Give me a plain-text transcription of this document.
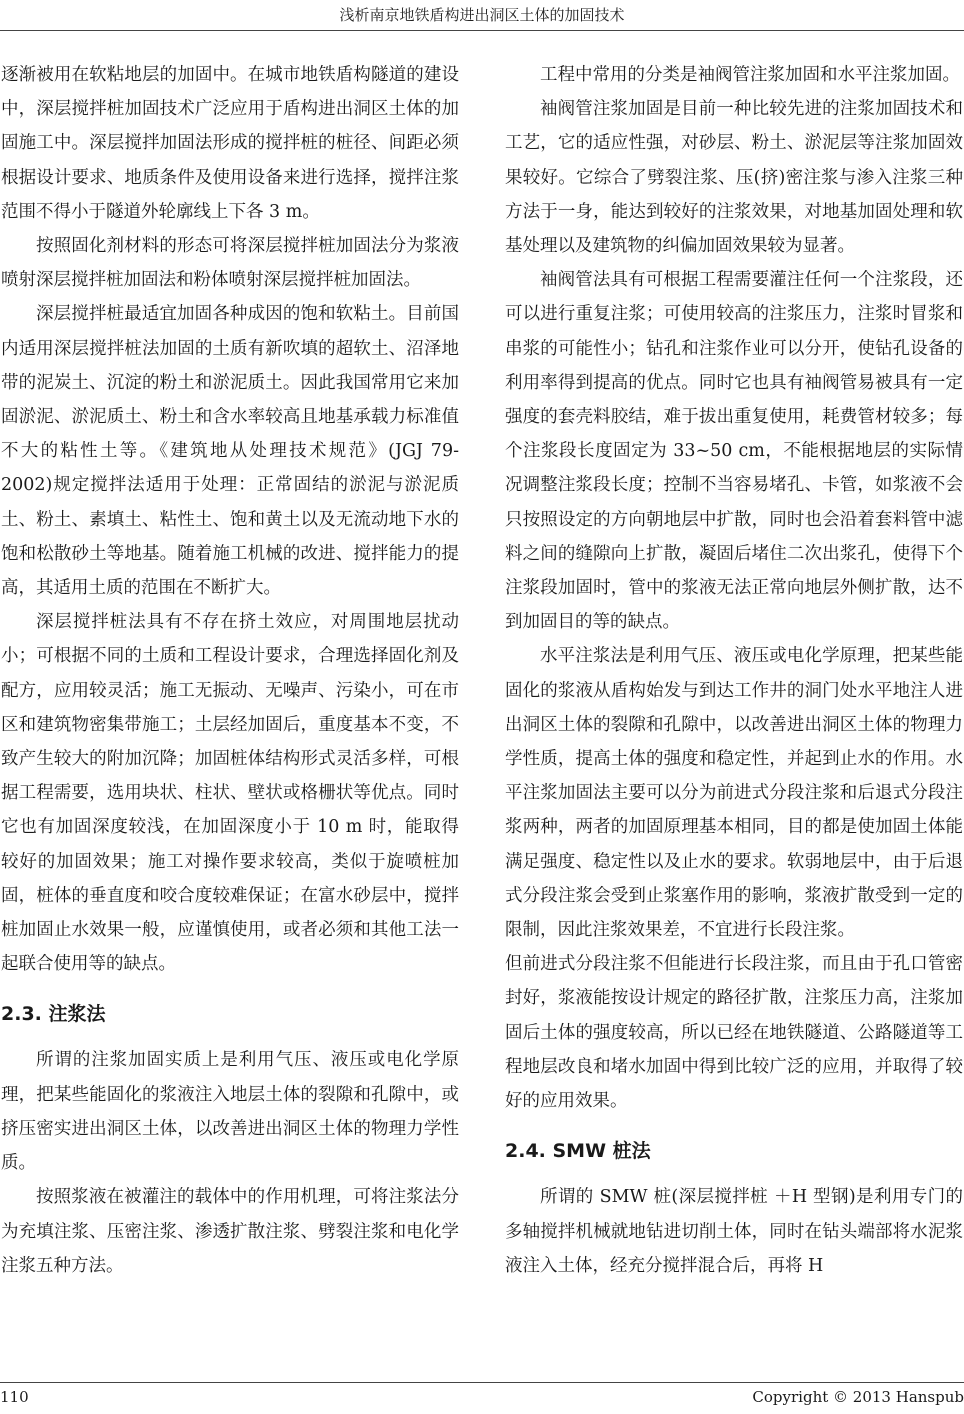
浅析南京地铁盾构进出洞区土体的加固技术

逐渐被用在软粘地层的加固中。在城市地铁盾构隧道的建设中，深层搅拌桩加固技术广泛应用于盾构进出洞区土体的加固施工中。深层搅拌加固法形成的搅拌桩的桩径、间距必须根据设计要求、地质条件及使用设备来进行选择，搅拌注浆范围不得小于隧道外轮廓线上下各 3 m。

按照固化剂材料的形态可将深层搅拌桩加固法分为浆液喷射深层搅拌桩加固法和粉体喷射深层搅拌桩加固法。

深层搅拌桩最适宜加固各种成因的饱和软粘土。目前国内适用深层搅拌桩法加固的土质有新吹填的超软土、沼泽地带的泥炭土、沉淀的粉土和淤泥质土。因此我国常用它来加固淤泥、淤泥质土、粉土和含水率较高且地基承载力标准值不大的粘性土等。《建筑地从处理技术规范》(JGJ 79-2002)规定搅拌法适用于处理：正常固结的淤泥与淤泥质土、粉土、素填土、粘性土、饱和黄土以及无流动地下水的饱和松散砂土等地基。随着施工机械的改进、搅拌能力的提高，其适用土质的范围在不断扩大。

深层搅拌桩法具有不存在挤土效应，对周围地层扰动小；可根据不同的土质和工程设计要求，合理选择固化剂及配方，应用较灵活；施工无振动、无噪声、污染小，可在市区和建筑物密集带施工；土层经加固后，重度基本不变，不致产生较大的附加沉降；加固桩体结构形式灵活多样，可根据工程需要，选用块状、柱状、壁状或格栅状等优点。同时它也有加固深度较浅，在加固深度小于 10 m 时，能取得较好的加固效果；施工对操作要求较高，类似于旋喷桩加固，桩体的垂直度和咬合度较难保证；在富水砂层中，搅拌桩加固止水效果一般，应谨慎使用，或者必须和其他工法一起联合使用等的缺点。

2.3. 注浆法

所谓的注浆加固实质上是利用气压、液压或电化学原理，把某些能固化的浆液注入地层土体的裂隙和孔隙中，或挤压密实进出洞区土体，以改善进出洞区土体的物理力学性质。

按照浆液在被灌注的载体中的作用机理，可将注浆法分为充填注浆、压密注浆、渗透扩散注浆、劈裂注浆和电化学注浆五种方法。

工程中常用的分类是袖阀管注浆加固和水平注浆加固。

袖阀管注浆加固是目前一种比较先进的注浆加固技术和工艺，它的适应性强，对砂层、粉土、淤泥层等注浆加固效果较好。它综合了劈裂注浆、压(挤)密注浆与渗入注浆三种方法于一身，能达到较好的注浆效果，对地基加固处理和软基处理以及建筑物的纠偏加固效果较为显著。

袖阀管法具有可根据工程需要灌注任何一个注浆段，还可以进行重复注浆；可使用较高的注浆压力，注浆时冒浆和串浆的可能性小；钻孔和注浆作业可以分开，使钻孔设备的利用率得到提高的优点。同时它也具有袖阀管易被具有一定强度的套壳料胶结，难于拔出重复使用，耗费管材较多；每个注浆段长度固定为 33~50 cm，不能根据地层的实际情况调整注浆段长度；控制不当容易堵孔、卡管，如浆液不会只按照设定的方向朝地层中扩散，同时也会沿着套料管中滤料之间的缝隙向上扩散，凝固后堵住二次出浆孔，使得下个注浆段加固时，管中的浆液无法正常向地层外侧扩散，达不到加固目的等的缺点。

水平注浆法是利用气压、液压或电化学原理，把某些能固化的浆液从盾构始发与到达工作井的洞门处水平地注人进出洞区土体的裂隙和孔隙中，以改善进出洞区土体的物理力学性质，提高土体的强度和稳定性，并起到止水的作用。水平注浆加固法主要可以分为前进式分段注浆和后退式分段注浆两种，两者的加固原理基本相同，目的都是使加固土体能满足强度、稳定性以及止水的要求。软弱地层中，由于后退式分段注浆会受到止浆塞作用的影响，浆液扩散受到一定的限制，因此注浆效果差，不宜进行长段注浆。

但前进式分段注浆不但能进行长段注浆，而且由于孔口管密封好，浆液能按设计规定的路径扩散，注浆压力高，注浆加固后土体的强度较高，所以已经在地铁隧道、公路隧道等工程地层改良和堵水加固中得到比较广泛的应用，并取得了较好的应用效果。

2.4. SMW 桩法

所谓的 SMW 桩(深层搅拌桩 ＋H 型钢)是利用专门的多轴搅拌机械就地钻进切削土体，同时在钻头端部将水泥浆液注入土体，经充分搅拌混合后，再将 H

110	Copyright © 2013 Hanspub
